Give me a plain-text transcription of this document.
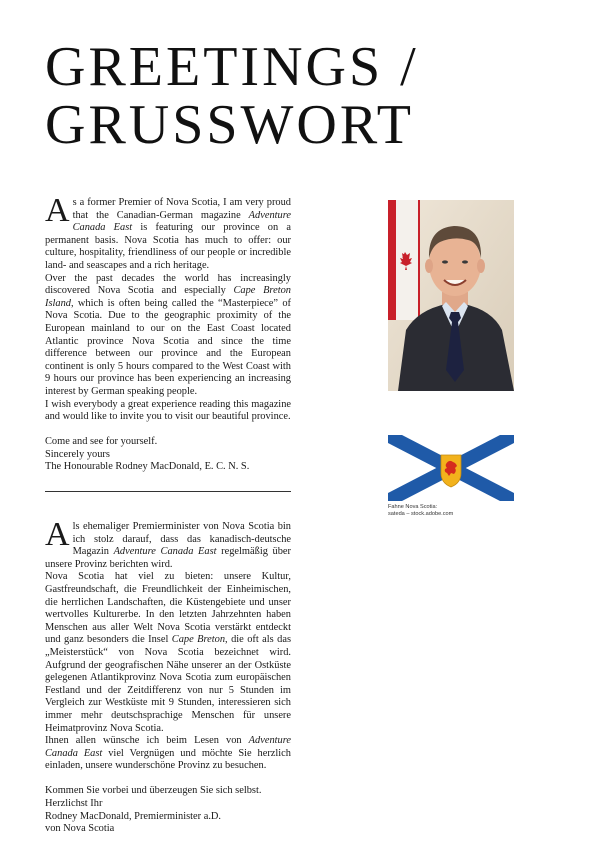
GREETINGS /
GRUSSWORT

As a former Premier of Nova Scotia, I am very proud that the Canadian-German magazine Adventure Canada East is featuring our province on a permanent basis. Nova Scotia has much to offer: our culture, hospitality, friendliness of our people or incredible land- and seascapes and a rich heritage.

Over the past decades the world has increasingly discovered Nova Scotia and especially Cape Breton Island, which is often being called the “Masterpiece” of Nova Scotia. Due to the geographic proximity of the European mainland to our on the East Coast located Atlantic province Nova Scotia and since the time difference between our province and the European continent is only 5 hours compared to the West Coast with 9 hours our province has been experiencing an increasing interest by German speaking people.

I wish everybody a great experience reading this magazine and would like to invite you to visit our beautiful province.

Come and see for yourself.

Sincerely yours

The Honourable Rodney MacDonald, E. C. N. S.

Als ehemaliger Premierminister von Nova Scotia bin ich stolz darauf, dass das kanadisch-deutsche Magazin Adventure Canada East regelmäßig über unsere Provinz berichten wird.

Nova Scotia hat viel zu bieten: unsere Kultur, Gastfreundschaft, die Freundlichkeit der Einheimischen, die herrlichen Landschaften, die Küstengebiete und unser wertvolles Kulturerbe. In den letzten Jahrzehnten haben Menschen aus aller Welt Nova Scotia verstärkt entdeckt und ganz besonders die Insel Cape Breton, die oft als das „Meisterstück“ von Nova Scotia bezeichnet wird. Aufgrund der geografischen Nähe unserer an der Ostküste gelegenen Atlantikprovinz Nova Scotia zum europäischen Festland und der Zeitdifferenz von nur 5 Stunden im Vergleich zur Westküste mit 9 Stunden, interessieren sich immer mehr deutschsprachige Menschen für unsere Heimatprovinz Nova Scotia.

Ihnen allen wünsche ich beim Lesen von Adventure Canada East viel Vergnügen und möchte Sie herzlich einladen, unsere wunderschöne Provinz zu besuchen.

Kommen Sie vorbei und überzeugen Sie sich selbst.

Herzlichst Ihr

Rodney MacDonald, Premierminister a.D.

von Nova Scotia

Fahne Nova Scotia:
sateda – stock.adobe.com
